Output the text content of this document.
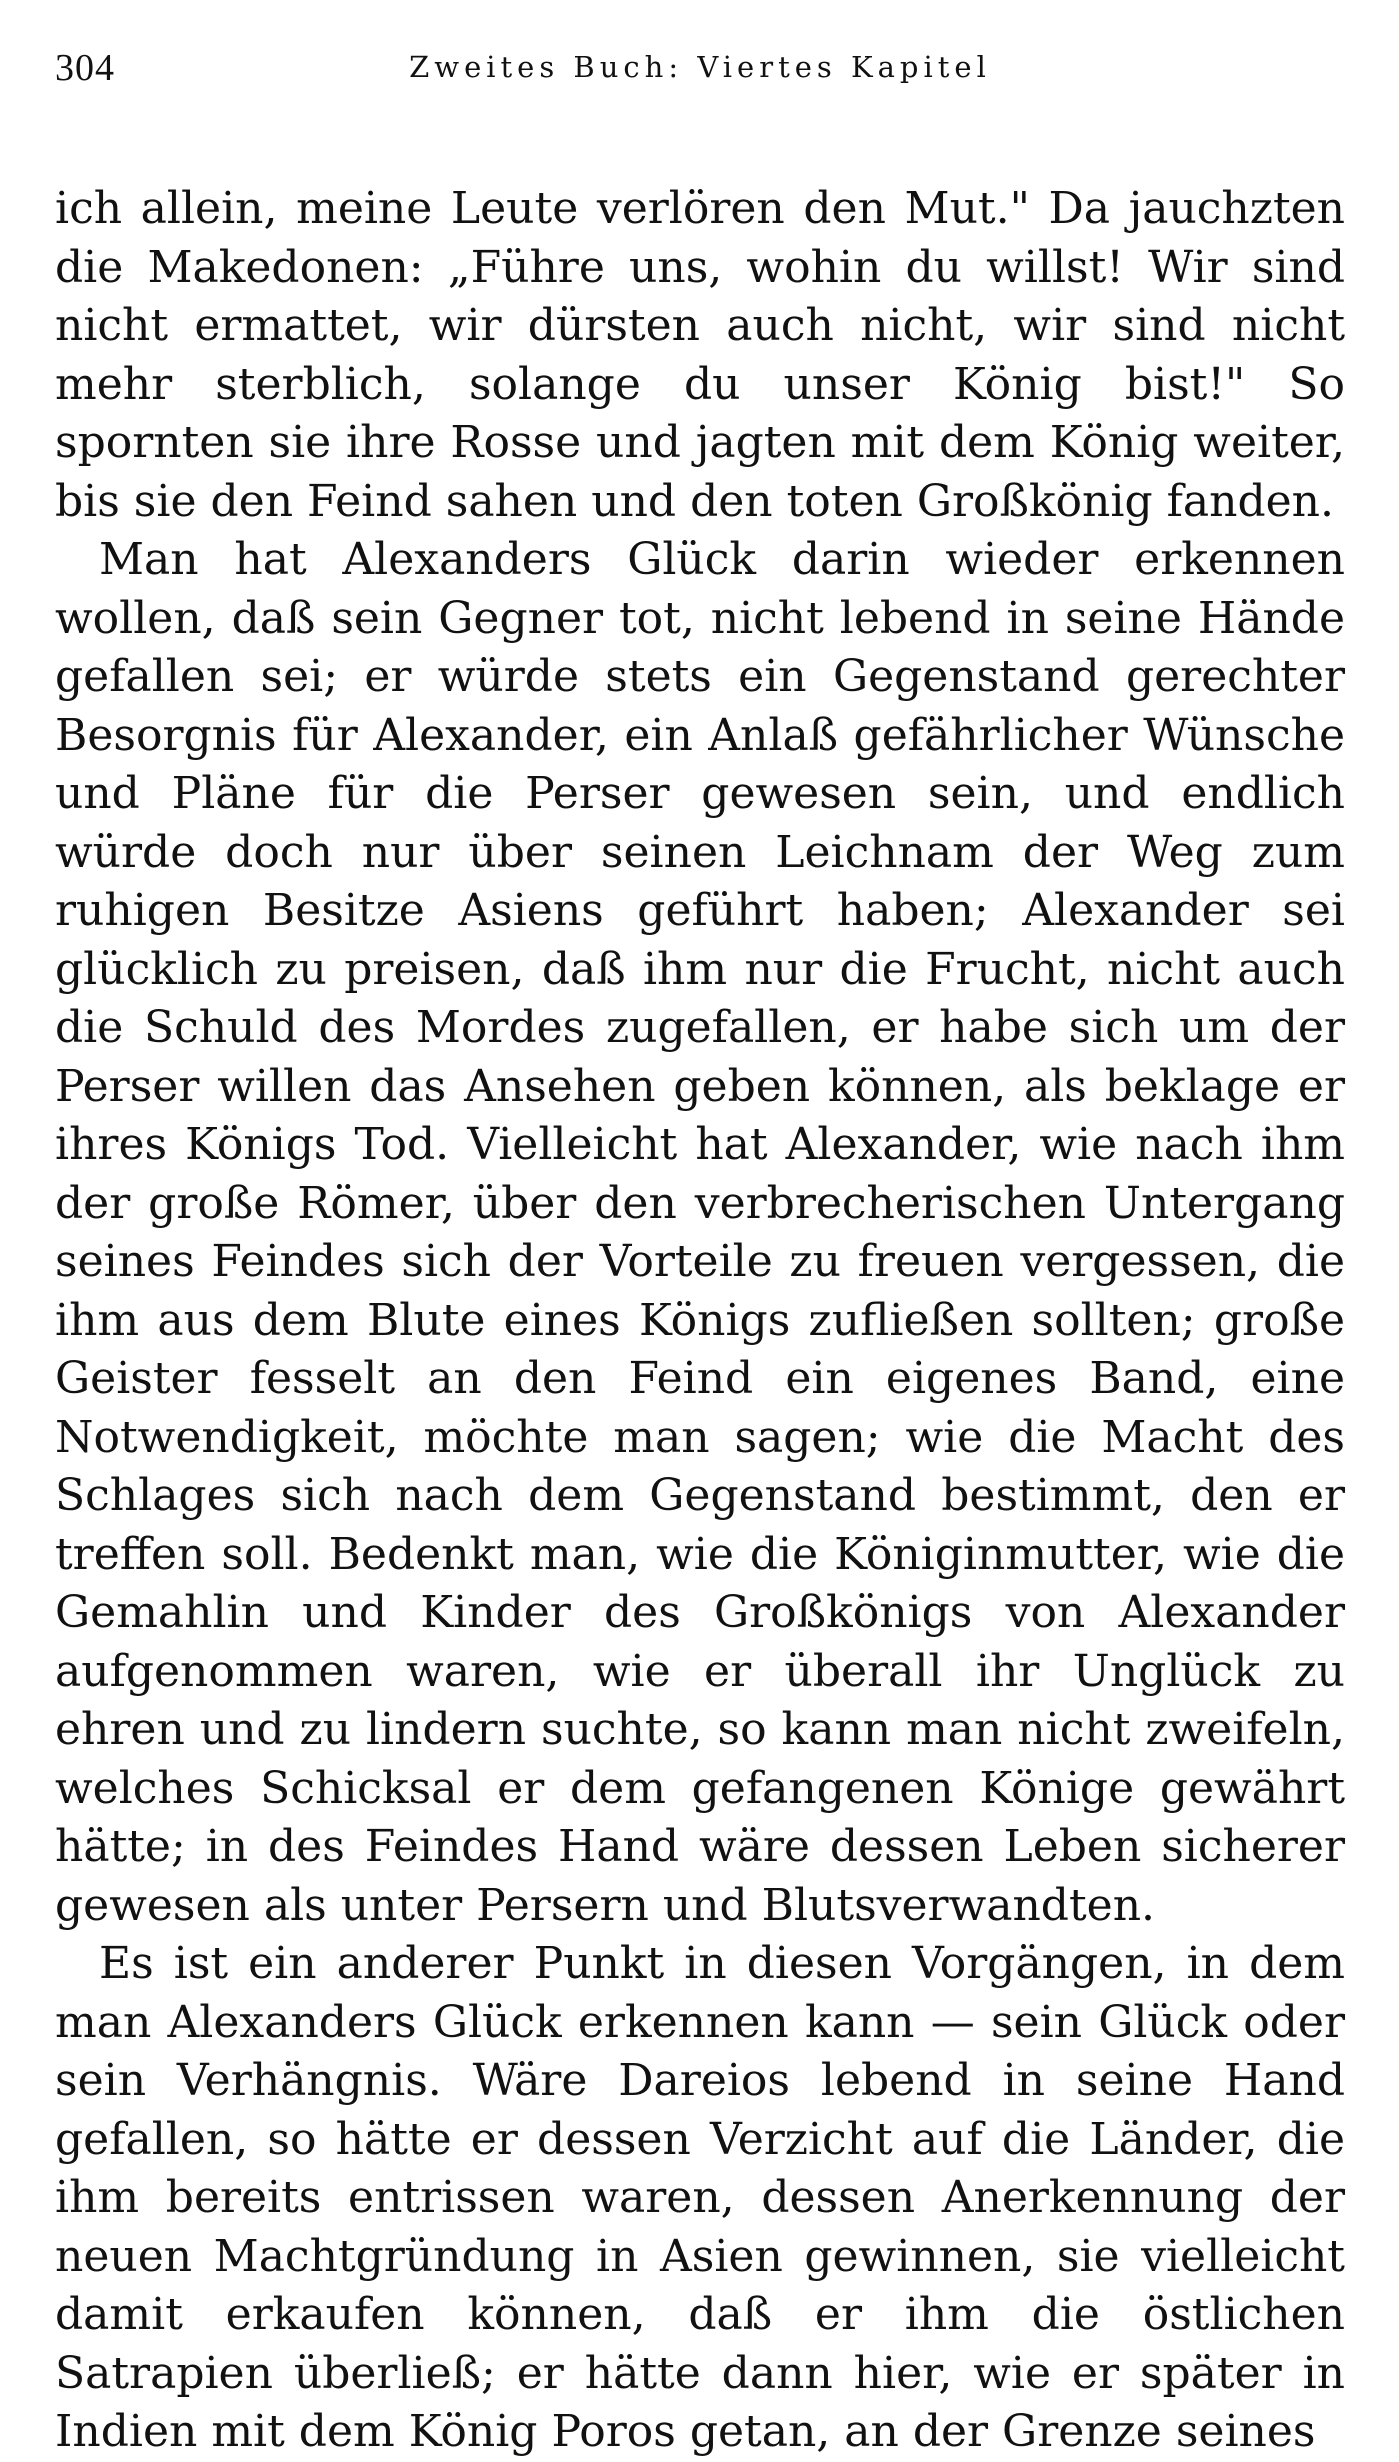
304	Zweites Buch: Viertes Kapitel

ich allein, meine Leute verlören den Mut." Da jauchzten die Makedonen: „Führe uns, wohin du willst! Wir sind nicht ermattet, wir dürsten auch nicht, wir sind nicht mehr sterblich, solange du unser König bist!" So spornten sie ihre Rosse und jagten mit dem König weiter, bis sie den Feind sahen und den toten Großkönig fanden.

Man hat Alexanders Glück darin wieder erkennen wollen, daß sein Gegner tot, nicht lebend in seine Hände gefallen sei; er würde stets ein Gegenstand gerechter Besorgnis für Alexander, ein Anlaß gefährlicher Wünsche und Pläne für die Perser gewesen sein, und endlich würde doch nur über seinen Leichnam der Weg zum ruhigen Besitze Asiens geführt haben; Alexander sei glücklich zu preisen, daß ihm nur die Frucht, nicht auch die Schuld des Mordes zugefallen, er habe sich um der Perser willen das Ansehen geben können, als beklage er ihres Königs Tod. Vielleicht hat Alexander, wie nach ihm der große Römer, über den verbrecherischen Untergang seines Feindes sich der Vorteile zu freuen vergessen, die ihm aus dem Blute eines Königs zufließen sollten; große Geister fesselt an den Feind ein eigenes Band, eine Notwendigkeit, möchte man sagen; wie die Macht des Schlages sich nach dem Gegenstand bestimmt, den er treffen soll. Bedenkt man, wie die Königinmutter, wie die Gemahlin und Kinder des Großkönigs von Alexander aufgenommen waren, wie er überall ihr Unglück zu ehren und zu lindern suchte, so kann man nicht zweifeln, welches Schicksal er dem gefangenen Könige gewährt hätte; in des Feindes Hand wäre dessen Leben sicherer gewesen als unter Persern und Blutsverwandten.

Es ist ein anderer Punkt in diesen Vorgängen, in dem man Alexanders Glück erkennen kann — sein Glück oder sein Verhängnis. Wäre Dareios lebend in seine Hand gefallen, so hätte er dessen Verzicht auf die Länder, die ihm bereits entrissen waren, dessen Anerkennung der neuen Machtgründung in Asien gewinnen, sie vielleicht damit erkaufen können, daß er ihm die östlichen Satrapien überließ; er hätte dann hier, wie er später in Indien mit dem König Poros getan, an der Grenze seines
